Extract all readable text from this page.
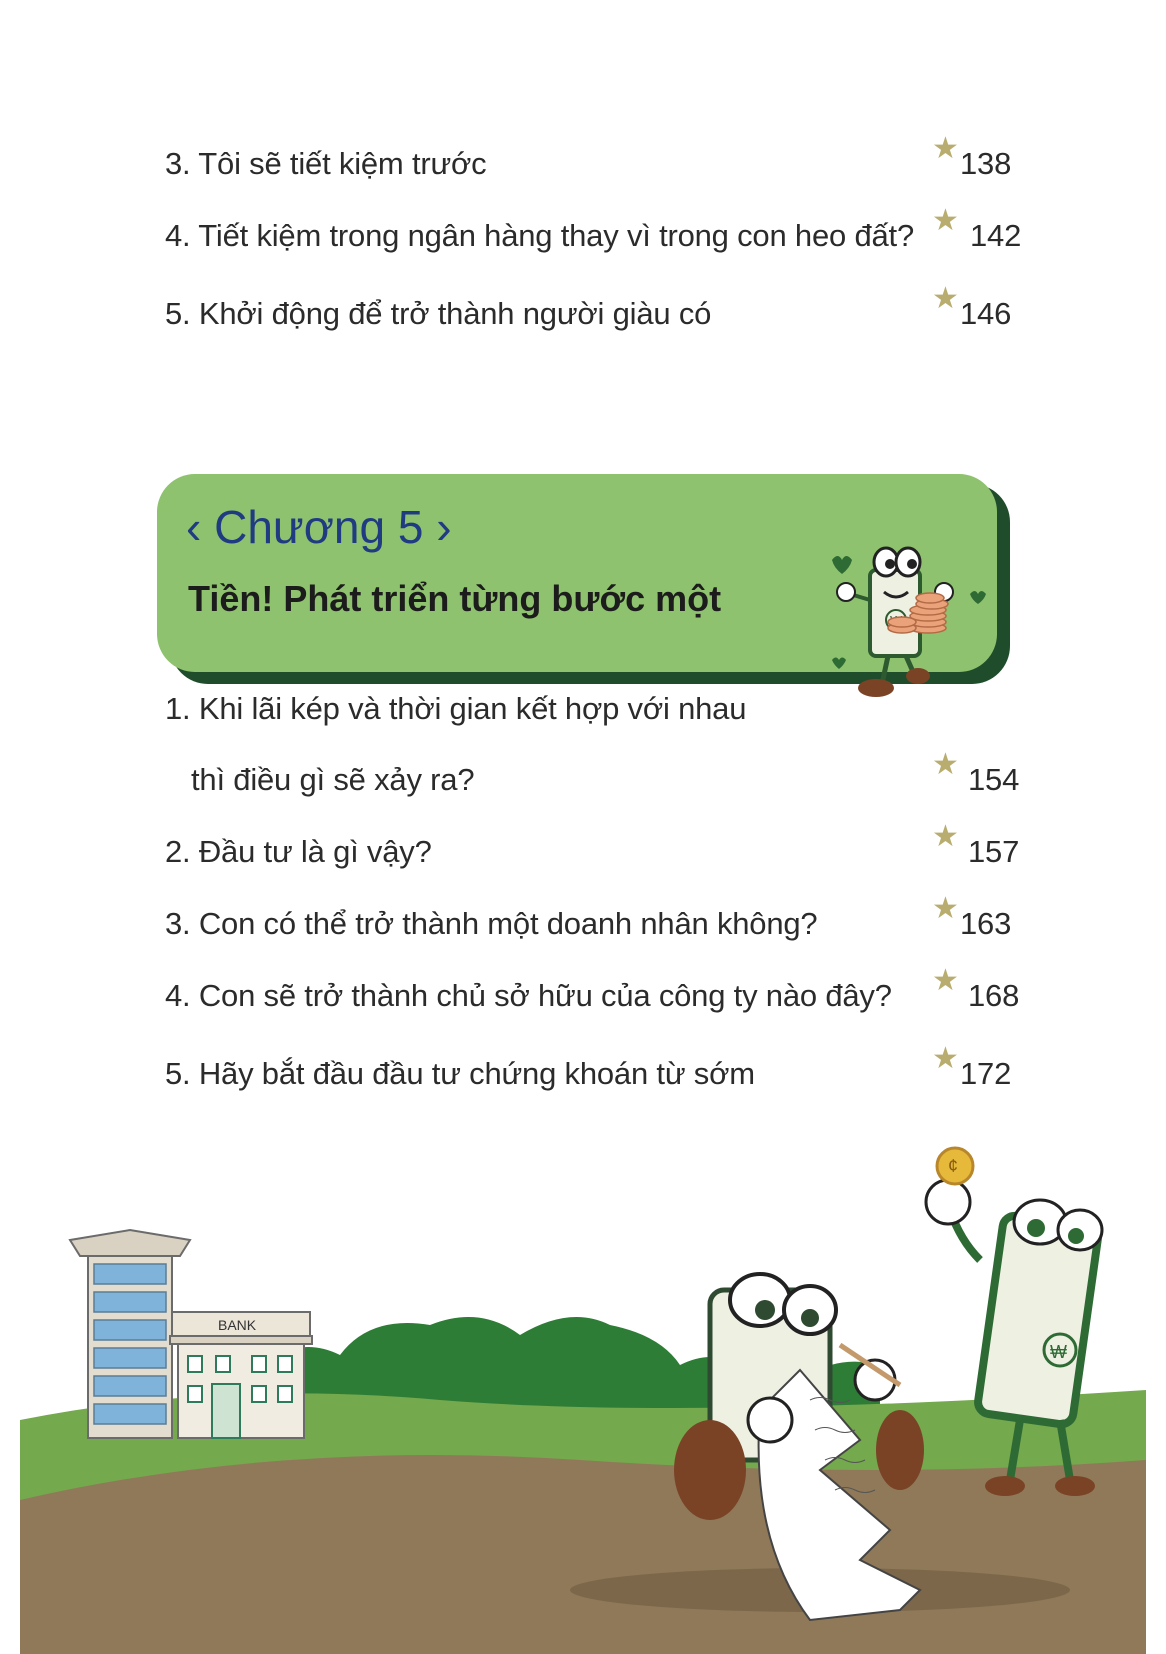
3. Tôi sẽ tiết kiệm trước	★ 138
4. Tiết kiệm trong ngân hàng thay vì trong con heo đất? ★ 142
5. Khởi động để trở thành người giàu có	★ 146
‹ Chương 5 ›
Tiền! Phát triển từng bước một
1. Khi lãi kép và thời gian kết hợp với nhau
thì điều gì sẽ xảy ra?	★ 154
2. Đầu tư là gì vậy?	★ 157
3. Con có thể trở thành một doanh nhân không?	★ 163
4. Con sẽ trở thành chủ sở hữu của công ty nào đây? ★ 168
5. Hãy bắt đầu đầu tư chứng khoán từ sớm	★ 172
BANK
₩
¢
